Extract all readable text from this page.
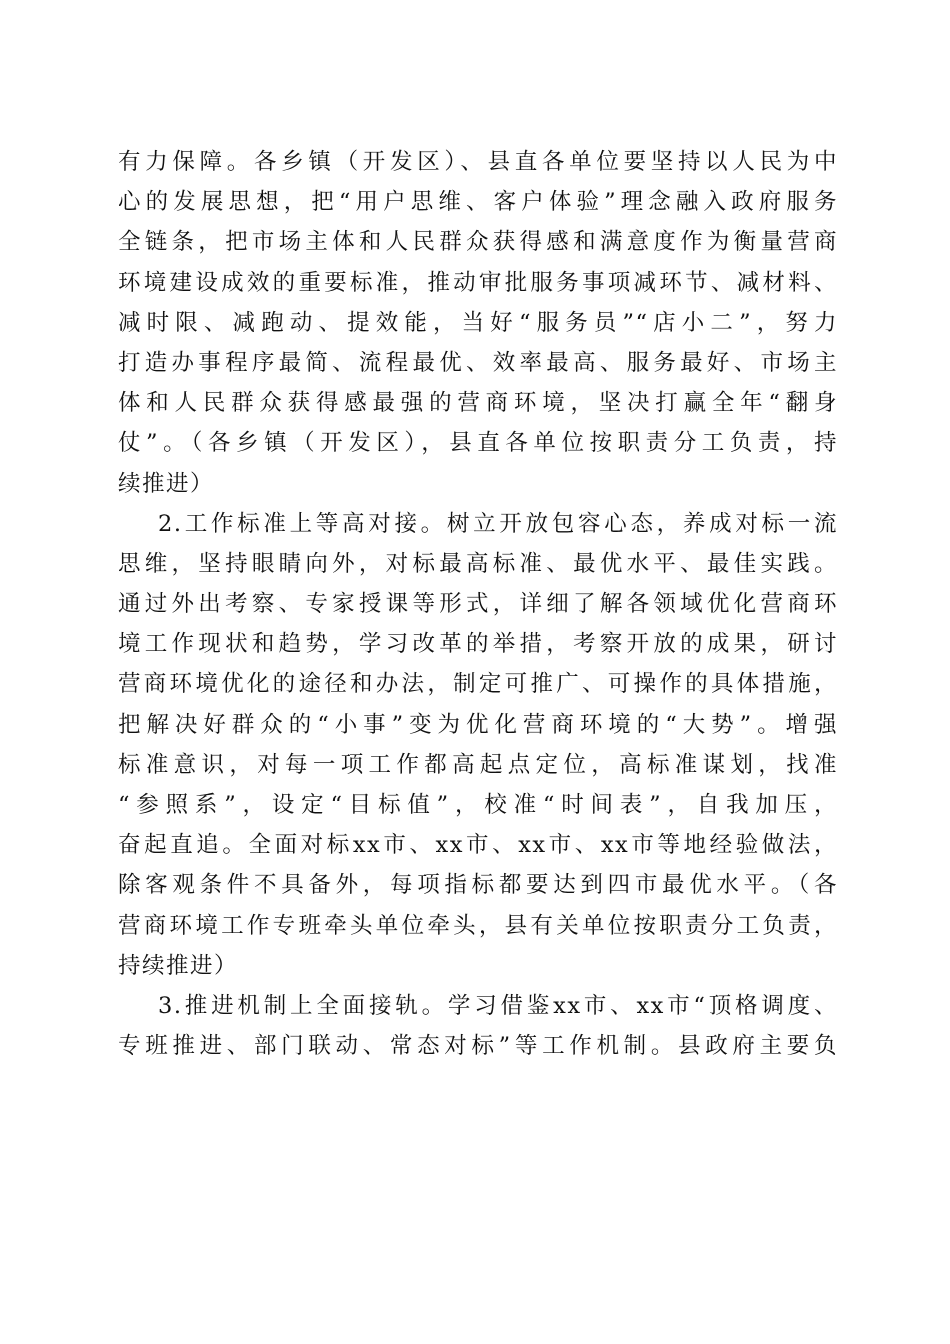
有力保障。各乡镇（开发区）、县直各单位要坚持以人民为中
心的发展思想，把“用户思维、客户体验”理念融入政府服务
全链条，把市场主体和人民群众获得感和满意度作为衡量营商
环境建设成效的重要标准，推动审批服务事项减环节、减材料、
减时限、减跑动、提效能，当好“服务员”“店小二”，努力
打造办事程序最简、流程最优、效率最高、服务最好、市场主
体和人民群众获得感最强的营商环境，坚决打赢全年“翻身
仗”。（各乡镇（开发区），县直各单位按职责分工负责，持
续推进）
2.工作标准上等高对接。树立开放包容心态，养成对标一流
思维，坚持眼睛向外，对标最高标准、最优水平、最佳实践。
通过外出考察、专家授课等形式，详细了解各领域优化营商环
境工作现状和趋势，学习改革的举措，考察开放的成果，研讨
营商环境优化的途径和办法，制定可推广、可操作的具体措施，
把解决好群众的“小事”变为优化营商环境的“大势”。增强
标准意识，对每一项工作都高起点定位，高标准谋划，找准
“参照系”，设定“目标值”，校准“时间表”，自我加压，
奋起直追。全面对标xx市、xx市、xx市、xx市等地经验做法，
除客观条件不具备外，每项指标都要达到四市最优水平。（各
营商环境工作专班牵头单位牵头，县有关单位按职责分工负责，
持续推进）
3.推进机制上全面接轨。学习借鉴xx市、xx市“顶格调度、
专班推进、部门联动、常态对标”等工作机制。县政府主要负
